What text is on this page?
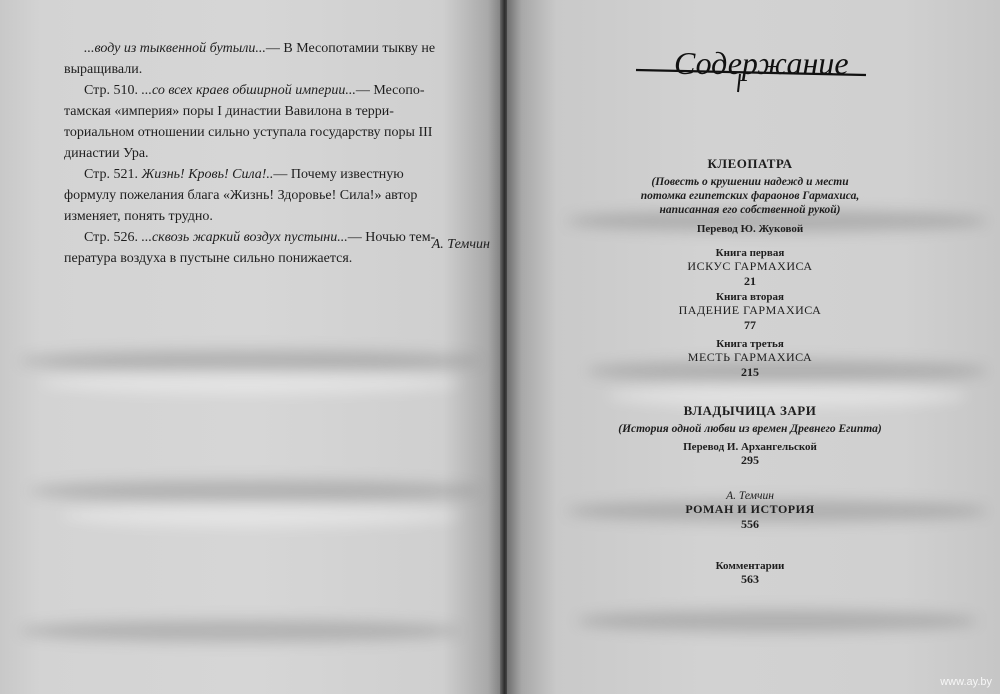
...воду из тыквенной бутыли...— В Месопотамии тыкву не

выращивали.

Стр. 510. ...со всех краев обширной империи...— Месопо-

тамская «империя» поры I династии Вавилона в терри-

ториальном отношении сильно уступала государству поры III

династии Ура.

Стр. 521. Жизнь! Кровь! Сила!..— Почему известную

формулу пожелания блага «Жизнь! Здоровье! Сила!» автор

изменяет, понять трудно.

Стр. 526. ...сквозь жаркий воздух пустыни...— Ночью тем-

пература воздуха в пустыне сильно понижается.

А. Темчин
Содержание
КЛЕОПАТРА
(Повесть о крушении надежд и мести
потомка египетских фараонов Гармахиса,
написанная его собственной рукой)
Перевод Ю. Жуковой
Книга первая
ИСКУС ГАРМАХИСА
21
Книга вторая
ПАДЕНИЕ ГАРМАХИСА
77
Книга третья
МЕСТЬ ГАРМАХИСА
215
ВЛАДЫЧИЦА ЗАРИ
(История одной любви из времен Древнего Египта)
Перевод И. Архангельской
295
А. Темчин
РОМАН И ИСТОРИЯ
556
Комментарии
563
www.ay.by
